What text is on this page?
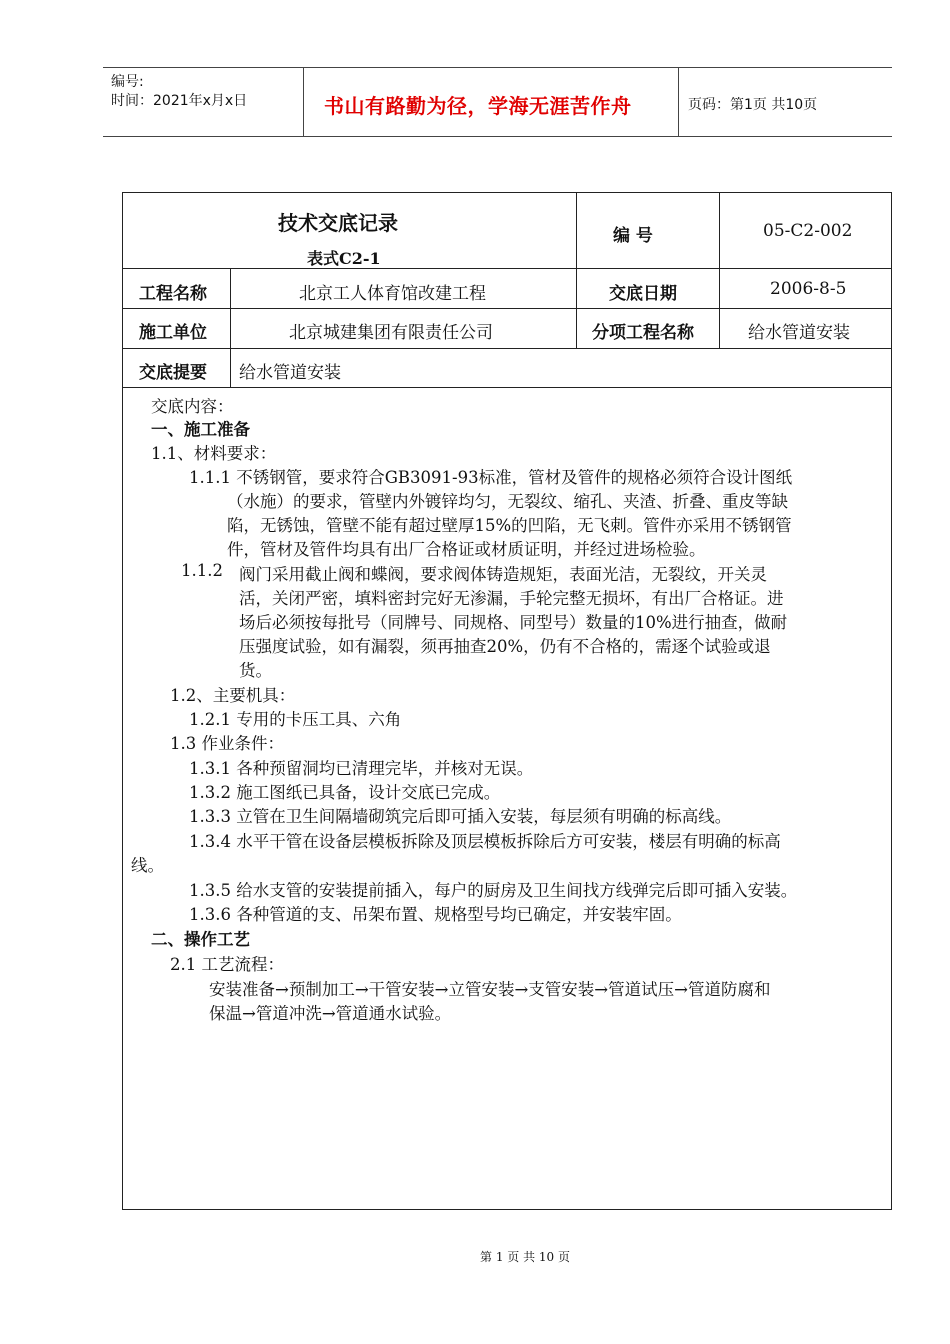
编号:
时间：2021年x月x日	书山有路勤为径，学海无涯苦作舟	页码：第1页 共10页
技术交底记录
表式C2-1
编 号	05-C2-002
工程名称	北京工人体育馆改建工程	交底日期	2006-8-5
施工单位	北京城建集团有限责任公司	分项工程名称	给水管道安装
交底提要 给水管道安装
交底内容：
一、施工准备
1.1、材料要求：
1.1.1 不锈钢管，要求符合GB3091-93标准，管材及管件的规格必须符合设计图纸
（水施）的要求，管壁内外镀锌均匀，无裂纹、缩孔、夹渣、折叠、重皮等缺
陷，无锈蚀，管壁不能有超过壁厚15%的凹陷，无飞刺。管件亦采用不锈钢管
件，管材及管件均具有出厂合格证或材质证明，并经过进场检验。
1.1.2 阀门采用截止阀和蝶阀，要求阀体铸造规矩，表面光洁，无裂纹，开关灵
活，关闭严密，填料密封完好无渗漏，手轮完整无损坏，有出厂合格证。进
场后必须按每批号（同牌号、同规格、同型号）数量的10%进行抽查，做耐
压强度试验，如有漏裂，须再抽查20%，仍有不合格的，需逐个试验或退
货。
1.2、主要机具：
1.2.1 专用的卡压工具、六角
1.3 作业条件：
1.3.1 各种预留洞均已清理完毕，并核对无误。
1.3.2 施工图纸已具备，设计交底已完成。
1.3.3 立管在卫生间隔墙砌筑完后即可插入安装，每层须有明确的标高线。
1.3.4 水平干管在设备层模板拆除及顶层模板拆除后方可安装，楼层有明确的标高
线。
1.3.5 给水支管的安装提前插入，每户的厨房及卫生间找方线弹完后即可插入安装。
1.3.6 各种管道的支、吊架布置、规格型号均已确定，并安装牢固。
二、操作工艺
2.1 工艺流程：
安装准备→预制加工→干管安装→立管安装→支管安装→管道试压→管道防腐和
保温→管道冲洗→管道通水试验。
第 1 页 共 10 页
